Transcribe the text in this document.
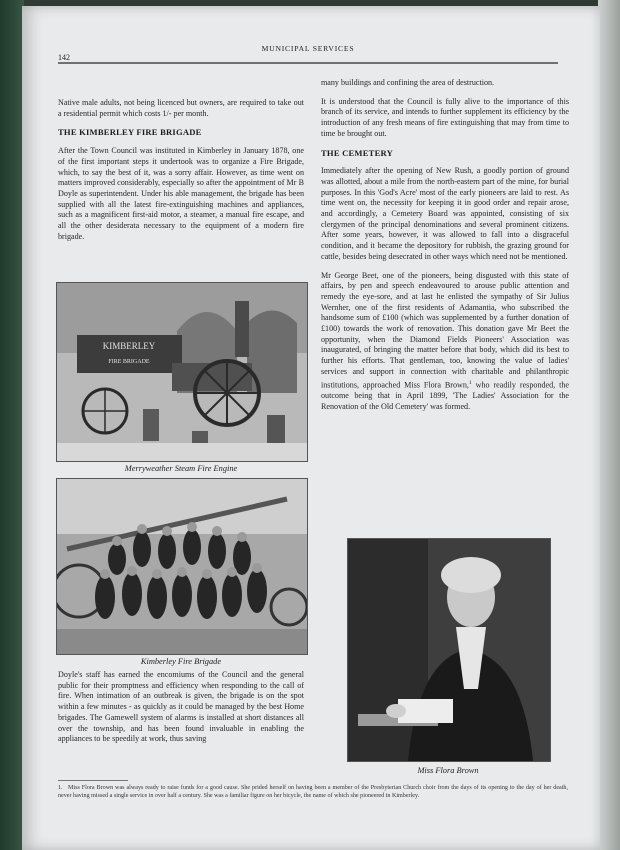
142
MUNICIPAL SERVICES

Native male adults, not being licenced but owners, are required to take out a residential permit which costs 1/- per month.

THE KIMBERLEY FIRE BRIGADE

After the Town Council was instituted in Kimberley in January 1878, one of the first important steps it undertook was to organize a Fire Brigade, which, to say the best of it, was a sorry affair. However, as time went on matters improved considerably, especially so after the appointment of Mr B Doyle as superintendent. Under his able management, the brigade has been supplied with all the latest fire-extinguishing machines and appliances, such as a magnificent first-aid motor, a steamer, a manual fire escape, and all the other desiderata necessary to the equipment of a modern fire brigade.

KIMBERLEY
FIRE BRIGADE
Merryweather Steam Fire Engine
Kimberley Fire Brigade

Doyle's staff has earned the encomiums of the Council and the general public for their promptness and efficiency when responding to the call of fire. When intimation of an outbreak is given, the brigade is on the spot within a few minutes - as quickly as it could be managed by the best Home brigades. The Gamewell system of alarms is installed at short distances all over the township, and has been found invaluable in enabling the appliances to be speedily at work, thus saving

many buildings and confining the area of destruction.

It is understood that the Council is fully alive to the importance of this branch of its service, and intends to further supplement its efficiency by the introduction of any fresh means of fire extinguishing that may from time to time be brought out.

THE CEMETERY

Immediately after the opening of New Rush, a goodly portion of ground was allotted, about a mile from the north-eastern part of the mine, for burial purposes. In this 'God's Acre' most of the early pioneers are laid to rest. As time went on, the necessity for keeping it in good order and repair arose, and accordingly, a Cemetery Board was appointed, consisting of six clergymen of the principal denominations and several prominent citizens. After some years, however, it was allowed to fall into a disgraceful condition, and it became the depository for rubbish, the grazing ground for cattle, besides being desecrated in other ways which need not be mentioned.

Mr George Beet, one of the pioneers, being disgusted with this state of affairs, by pen and speech endeavoured to arouse public attention and remedy the eye-sore, and at last he enlisted the sympathy of Sir Julius Wernher, one of the first residents of Adamantia, who subscribed the handsome sum of £100 (which was supplemented by a further donation of £100) towards the work of renovation. This donation gave Mr Beet the opportunity, when the Diamond Fields Pioneers' Association was inaugurated, of bringing the matter before that body, which did its best to further his efforts. That gentleman, too, knowing the value of ladies' services and support in connection with charitable and philanthropic institutions, approached Miss Flora Brown,$^1$ who readily responded, the outcome being that in April 1899, 'The Ladies' Association for the Renovation of the Old Cemetery' was formed.

Miss Flora Brown
1. Miss Flora Brown was always ready to raise funds for a good cause. She prided herself on having been a member of the Presbyterian Church choir from the days of its opening to the day of her death, never having missed a single service in over half a century. She was a familiar figure on her bicycle, the name of which she pioneered in Kimberley.
